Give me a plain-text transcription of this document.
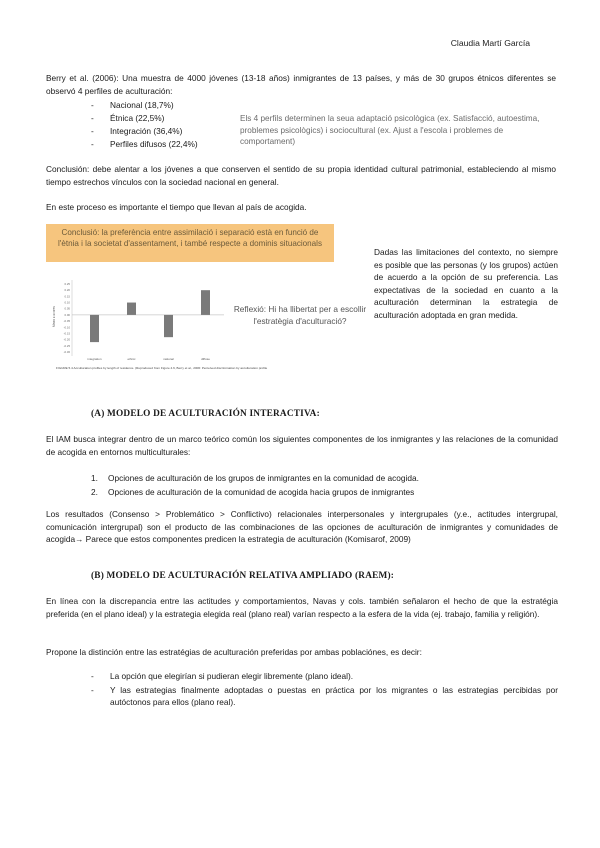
Claudia Martí García

Berry et al. (2006): Una muestra de 4000 jóvenes (13-18 años) inmigrantes de 13 países, y más de 30 grupos étnicos diferentes se observó 4 perfiles de aculturación:

- Nacional (18,7%)
- Étnica (22,5%)
- Integración (36,4%)
- Perfiles difusos (22,4%)
Els 4 perfils determinen la seua adaptació psicològica (ex. Satisfacció, autoestima, problemes psicològics) i sociocultural (ex. Ajust a l'escola i problemes de comportament)

Conclusión: debe alentar a los jóvenes a que conserven el sentido de su propia identidad cultural patrimonial, estableciendo al mismo tiempo estrechos vínculos con la sociedad nacional en general.

En este proceso es importante el tiempo que llevan al país de acogida.

Conclusió: la preferència entre assimilació i separació està en funció de l'ètnia i la societat d'assentament, i també respecte a dominis situacionals
Mean z-scores
0.25
0.20
0.15
0.10
0.05
0.00
-0.05
-0.10
-0.15
-0.20
-0.25
-0.30
integration	ethnic	national	diffuse
FIGURE 5.4 Acculturation profiles by length of residence. (Reproduced from Figure 4.6, Berry et al., 2006: Perceived discrimination by acculturation profile
Reflexió: Hi ha llibertat per a escollir l'estratègia d'aculturació?

Dadas las limitaciones del contexto, no siempre es posible que las personas (y los grupos) actúen de acuerdo a la opción de su preferencia. Las expectativas de la sociedad en cuanto a la aculturación determinan la estrategia de aculturación adoptada en gran medida.

(A) MODELO DE ACULTURACIÓN INTERACTIVA:

El IAM busca integrar dentro de un marco teórico común los siguientes componentes de los inmigrantes y las relaciones de la comunidad de acogida en entornos multiculturales:

1. Opciones de aculturación de los grupos de inmigrantes en la comunidad de acogida.
2. Opciones de aculturación de la comunidad de acogida hacia grupos de inmigrantes

Los resultados (Consenso > Problemático > Conflictivo) relacionales interpersonales y intergrupales (y.e., actitudes intergrupal, comunicación intergrupal) son el producto de las combinaciones de las opciones de aculturación de inmigrantes y comunidades de acogida→ Parece que estos componentes predicen la estrategia de aculturación (Komisarof, 2009)

(B) MODELO DE ACULTURACIÓN RELATIVA AMPLIADO (RAEM):

En línea con la discrepancia entre las actitudes y comportamientos, Navas y cols. también señalaron el hecho de que la estratégia preferida (en el plano ideal) y la estrategia elegida real (plano real) varían respecto a la esfera de la vida (ej. trabajo, familia y religión).

Propone la distinción entre las estratégias de aculturación preferidas por ambas poblaciónes, es decir:

- La opción que elegirían si pudieran elegir libremente (plano ideal).
- Y las estrategias finalmente adoptadas o puestas en práctica por los migrantes o las estrategias percibidas por autóctonos para ellos (plano real).
